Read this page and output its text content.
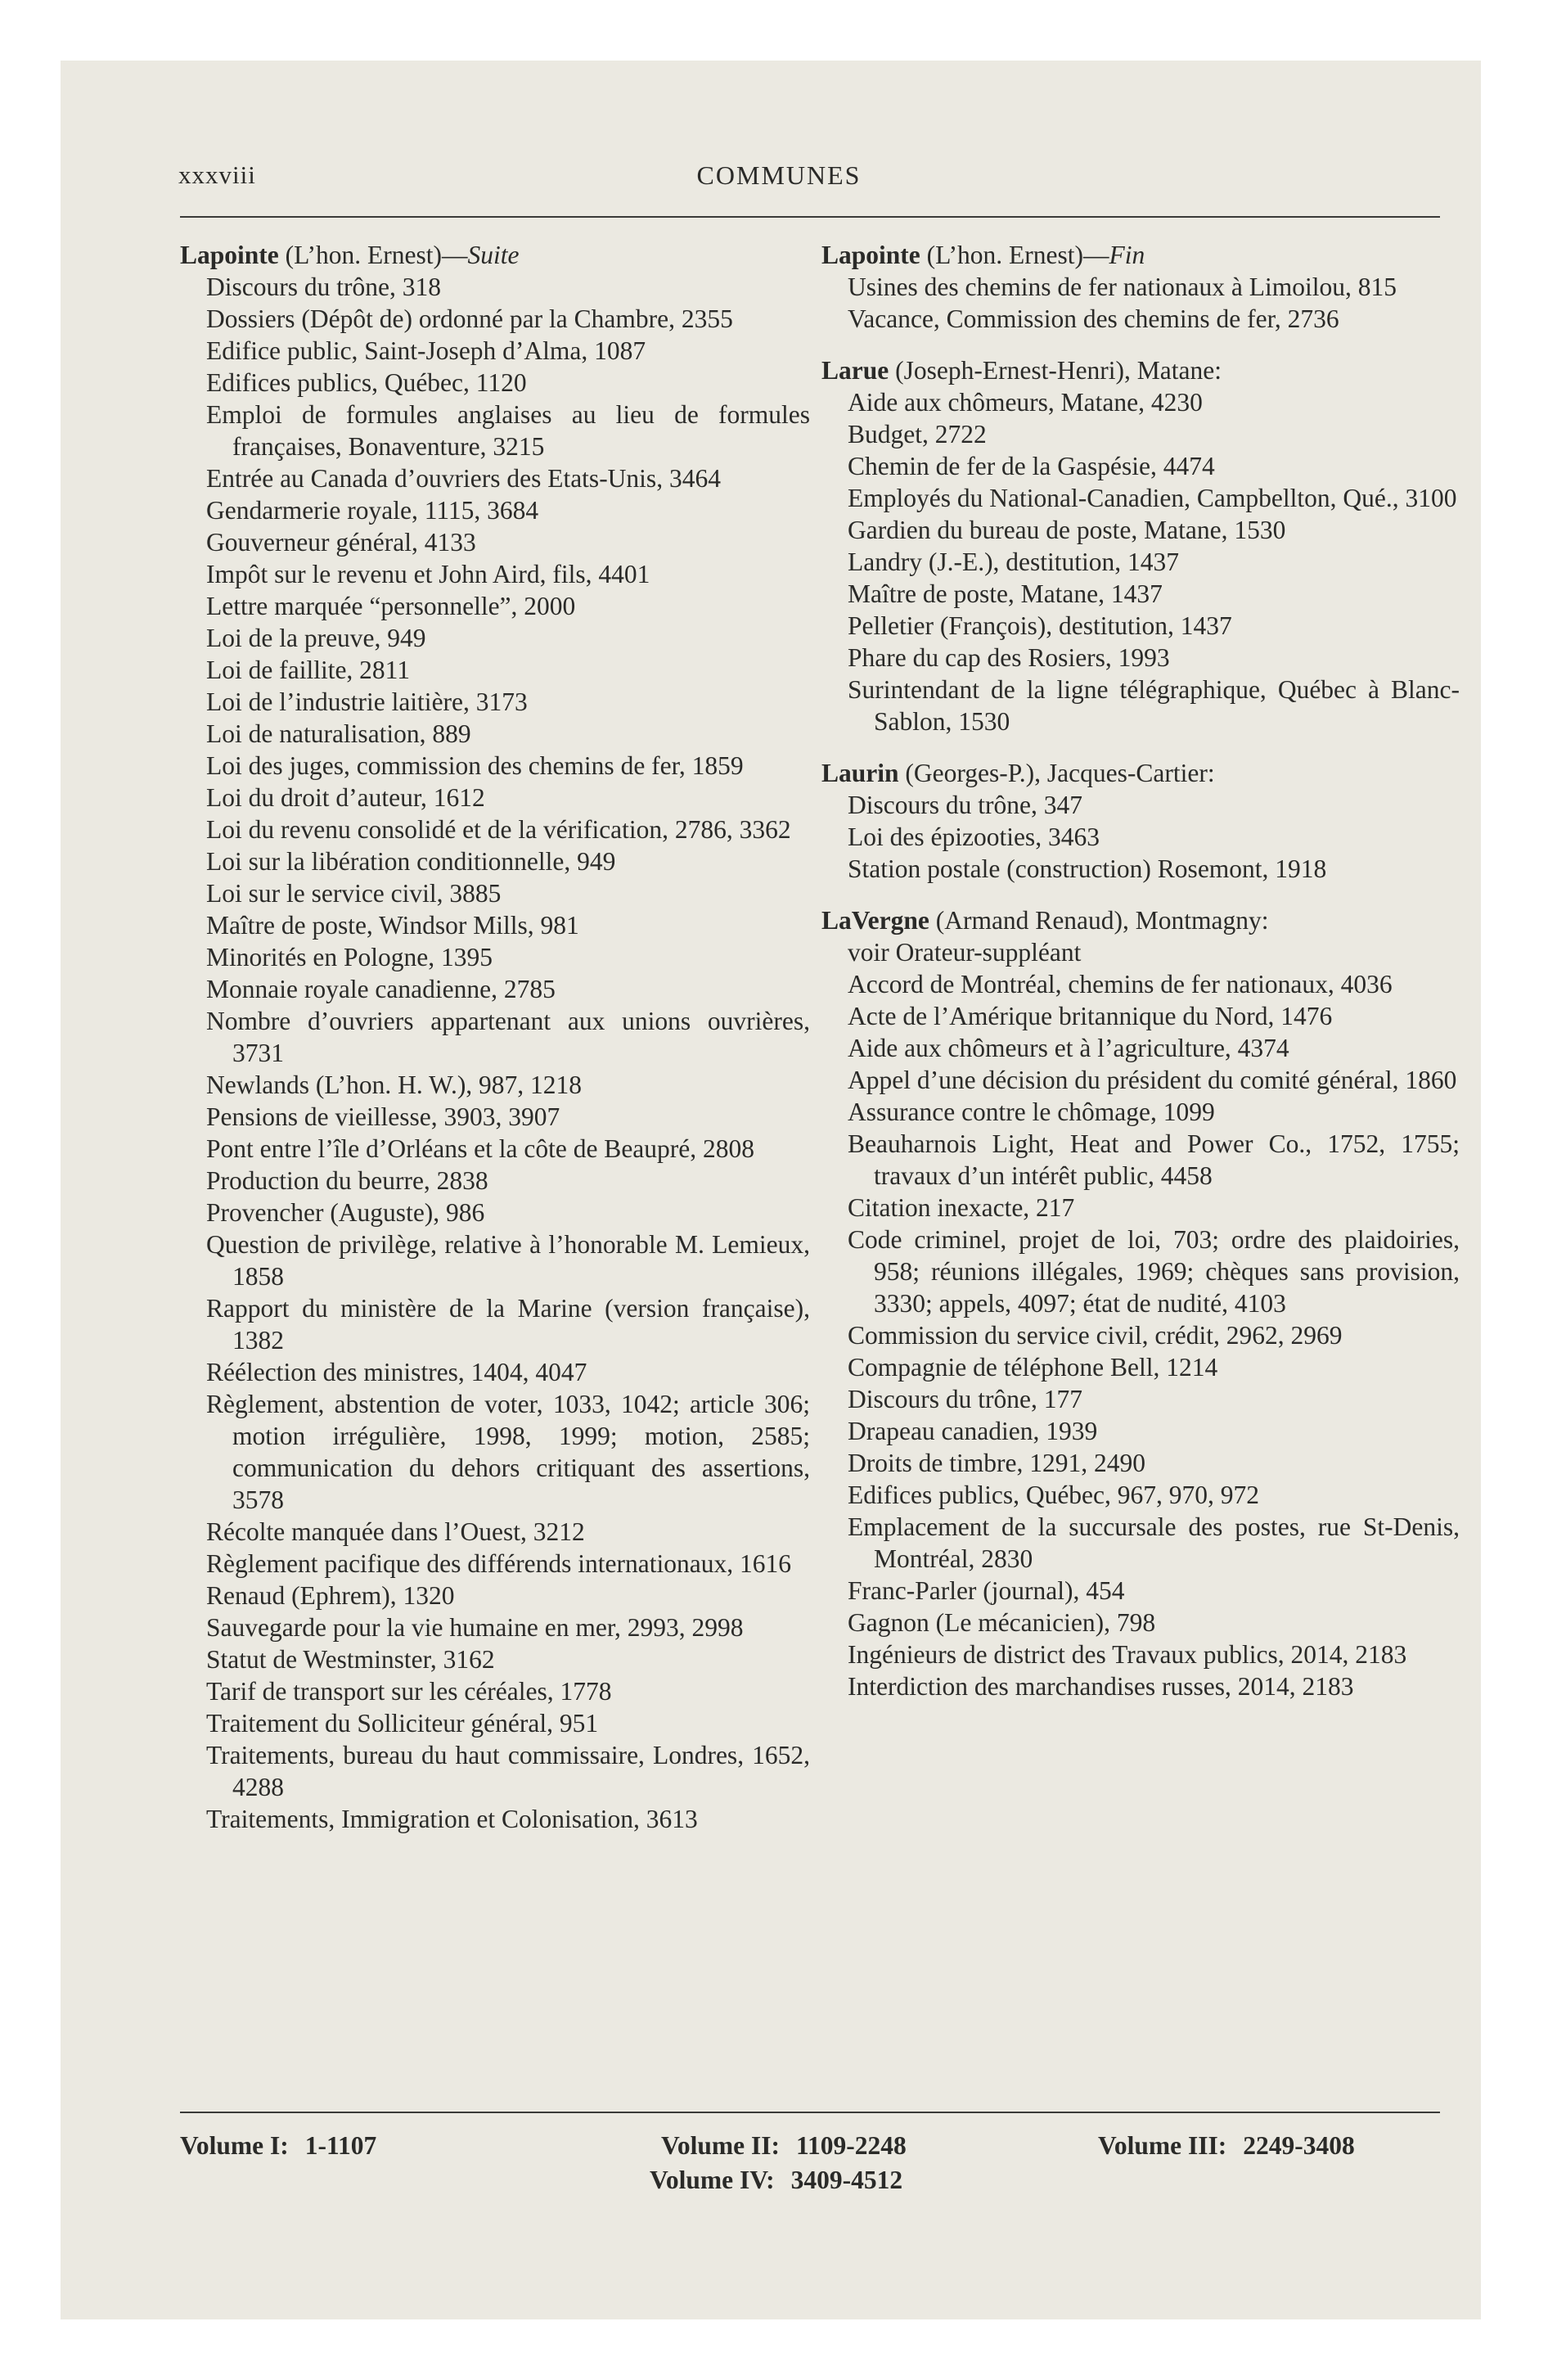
xxxviii	COMMUNES

Lapointe (L’hon. Ernest)—Suite

Discours du trône, 318

Dossiers (Dépôt de) ordonné par la Chambre, 2355

Edifice public, Saint-Joseph d’Alma, 1087

Edifices publics, Québec, 1120

Emploi de formules anglaises au lieu de formules françaises, Bonaventure, 3215

Entrée au Canada d’ouvriers des Etats-Unis, 3464

Gendarmerie royale, 1115, 3684

Gouverneur général, 4133

Impôt sur le revenu et John Aird, fils, 4401

Lettre marquée “personnelle”, 2000

Loi de la preuve, 949

Loi de faillite, 2811

Loi de l’industrie laitière, 3173

Loi de naturalisation, 889

Loi des juges, commission des chemins de fer, 1859

Loi du droit d’auteur, 1612

Loi du revenu consolidé et de la vérification, 2786, 3362

Loi sur la libération conditionnelle, 949

Loi sur le service civil, 3885

Maître de poste, Windsor Mills, 981

Minorités en Pologne, 1395

Monnaie royale canadienne, 2785

Nombre d’ouvriers appartenant aux unions ouvrières, 3731

Newlands (L’hon. H. W.), 987, 1218

Pensions de vieillesse, 3903, 3907

Pont entre l’île d’Orléans et la côte de Beaupré, 2808

Production du beurre, 2838

Provencher (Auguste), 986

Question de privilège, relative à l’honorable M. Lemieux, 1858

Rapport du ministère de la Marine (version française), 1382

Réélection des ministres, 1404, 4047

Règlement, abstention de voter, 1033, 1042; article 306; motion irrégulière, 1998, 1999; motion, 2585; communication du dehors critiquant des assertions, 3578

Récolte manquée dans l’Ouest, 3212

Règlement pacifique des différends internationaux, 1616

Renaud (Ephrem), 1320

Sauvegarde pour la vie humaine en mer, 2993, 2998

Statut de Westminster, 3162

Tarif de transport sur les céréales, 1778

Traitement du Solliciteur général, 951

Traitements, bureau du haut commissaire, Londres, 1652, 4288

Traitements, Immigration et Colonisation, 3613

Lapointe (L’hon. Ernest)—Fin

Usines des chemins de fer nationaux à Limoilou, 815

Vacance, Commission des chemins de fer, 2736

Larue (Joseph-Ernest-Henri), Matane:

Aide aux chômeurs, Matane, 4230

Budget, 2722

Chemin de fer de la Gaspésie, 4474

Employés du National-Canadien, Campbellton, Qué., 3100

Gardien du bureau de poste, Matane, 1530

Landry (J.-E.), destitution, 1437

Maître de poste, Matane, 1437

Pelletier (François), destitution, 1437

Phare du cap des Rosiers, 1993

Surintendant de la ligne télégraphique, Québec à Blanc-Sablon, 1530

Laurin (Georges-P.), Jacques-Cartier:

Discours du trône, 347

Loi des épizooties, 3463

Station postale (construction) Rosemont, 1918

LaVergne (Armand Renaud), Montmagny:

voir Orateur-suppléant

Accord de Montréal, chemins de fer nationaux, 4036

Acte de l’Amérique britannique du Nord, 1476

Aide aux chômeurs et à l’agriculture, 4374

Appel d’une décision du président du comité général, 1860

Assurance contre le chômage, 1099

Beauharnois Light, Heat and Power Co., 1752, 1755; travaux d’un intérêt public, 4458

Citation inexacte, 217

Code criminel, projet de loi, 703; ordre des plaidoiries, 958; réunions illégales, 1969; chèques sans provision, 3330; appels, 4097; état de nudité, 4103

Commission du service civil, crédit, 2962, 2969

Compagnie de téléphone Bell, 1214

Discours du trône, 177

Drapeau canadien, 1939

Droits de timbre, 1291, 2490

Edifices publics, Québec, 967, 970, 972

Emplacement de la succursale des postes, rue St-Denis, Montréal, 2830

Franc-Parler (journal), 454

Gagnon (Le mécanicien), 798

Ingénieurs de district des Travaux publics, 2014, 2183

Interdiction des marchandises russes, 2014, 2183

Volume I: 1-1107	Volume II: 1109-2248	Volume III: 2249-3408
Volume IV: 3409-4512
